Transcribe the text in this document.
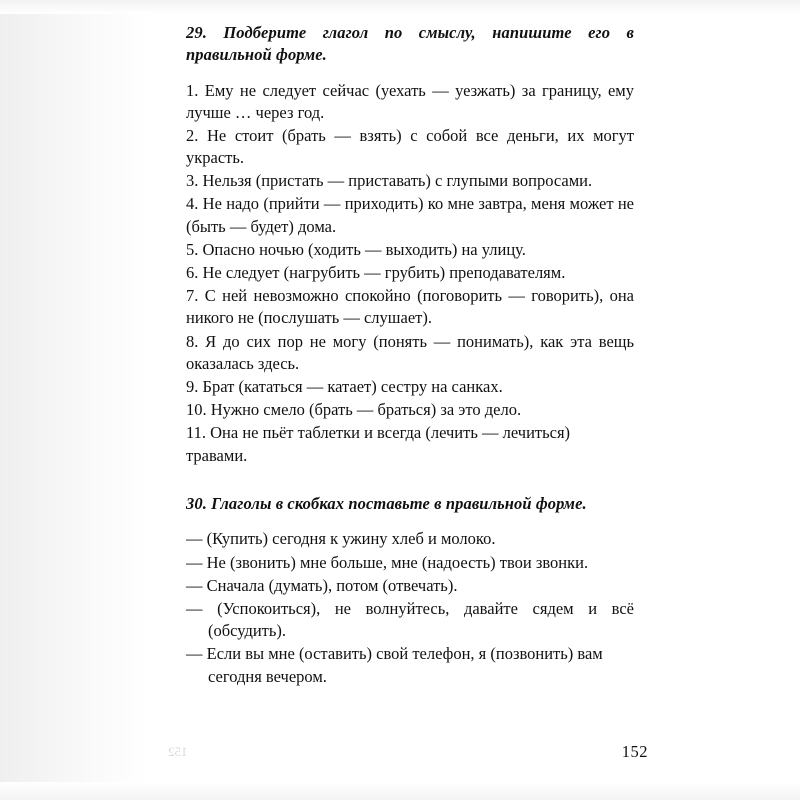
29. Подберите глагол по смыслу, напишите его в правильной форме.

1. Ему не следует сейчас (уехать — уезжать) за границу, ему лучше … через год.

2. Не стоит (брать — взять) с собой все деньги, их могут украсть.

3. Нельзя (пристать — приставать) с глупыми вопросами.

4. Не надо (прийти — приходить) ко мне завтра, меня может не (быть — будет) дома.

5. Опасно ночью (ходить — выходить) на улицу.

6. Не следует (нагрубить — грубить) преподавателям.

7. С ней невозможно спокойно (поговорить — говорить), она никого не (послушать — слушает).

8. Я до сих пор не могу (понять — понимать), как эта вещь оказалась здесь.

9. Брат (кататься — катает) сестру на санках.

10. Нужно смело (брать — браться) за это дело.

11. Она не пьёт таблетки и всегда (лечить — лечиться) травами.

30. Глаголы в скобках поставьте в правильной форме.

— (Купить) сегодня к ужину хлеб и молоко.

— Не (звонить) мне больше, мне (надоесть) твои звонки.

— Сначала (думать), потом (отвечать).

— (Успокоиться), не волнуйтесь, давайте сядем и всё (обсудить).

— Если вы мне (оставить) свой телефон, я (позвонить) вам сегодня вечером.

152	152
